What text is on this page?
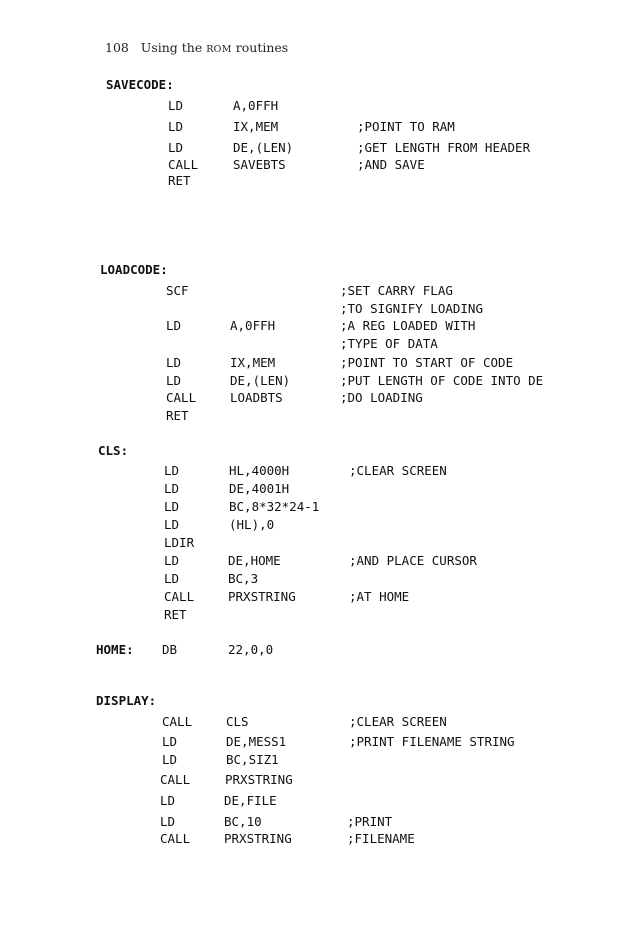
108 Using the ROM routines
SAVECODE:
LD	A,0FFH
LD	IX,MEM	;POINT TO RAM
LD	DE,(LEN)	;GET LENGTH FROM HEADER
CALL	SAVEBTS	;AND SAVE
RET
LOADCODE:
SCF	;SET CARRY FLAG
;TO SIGNIFY LOADING
LD	A,0FFH	;A REG LOADED WITH
;TYPE OF DATA
LD	IX,MEM	;POINT TO START OF CODE
LD	DE,(LEN)	;PUT LENGTH OF CODE INTO DE
CALL	LOADBTS	;DO LOADING
RET
CLS:
LD	HL,4000H	;CLEAR SCREEN
LD	DE,4001H
LD	BC,8*32*24-1
LD	(HL),0
LDIR
LD	DE,HOME	;AND PLACE CURSOR
LD	BC,3
CALL	PRXSTRING	;AT HOME
RET
HOME: DB	22,0,0
DISPLAY:
CALL	CLS	;CLEAR SCREEN
LD	DE,MESS1	;PRINT FILENAME STRING
LD	BC,SIZ1
CALL	PRXSTRING
LD	DE,FILE
LD	BC,10	;PRINT
CALL	PRXSTRING	;FILENAME
